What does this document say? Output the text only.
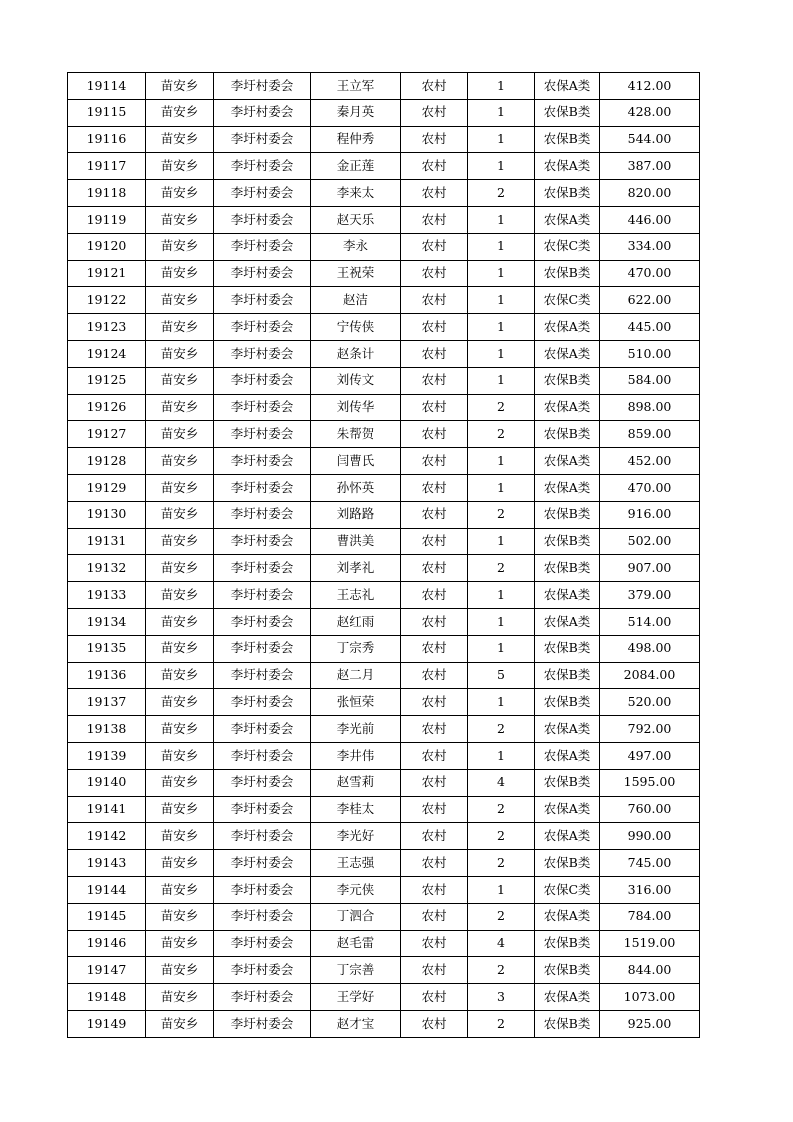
19114	苗安乡	李圩村委会	王立军	农村	1	农保A类	412.00
19115	苗安乡	李圩村委会	秦月英	农村	1	农保B类	428.00
19116	苗安乡	李圩村委会	程仲秀	农村	1	农保B类	544.00
19117	苗安乡	李圩村委会	金正莲	农村	1	农保A类	387.00
19118	苗安乡	李圩村委会	李来太	农村	2	农保B类	820.00
19119	苗安乡	李圩村委会	赵天乐	农村	1	农保A类	446.00
19120	苗安乡	李圩村委会	李永	农村	1	农保C类	334.00
19121	苗安乡	李圩村委会	王祝荣	农村	1	农保B类	470.00
19122	苗安乡	李圩村委会	赵洁	农村	1	农保C类	622.00
19123	苗安乡	李圩村委会	宁传侠	农村	1	农保A类	445.00
19124	苗安乡	李圩村委会	赵条计	农村	1	农保A类	510.00
19125	苗安乡	李圩村委会	刘传文	农村	1	农保B类	584.00
19126	苗安乡	李圩村委会	刘传华	农村	2	农保A类	898.00
19127	苗安乡	李圩村委会	朱帮贺	农村	2	农保B类	859.00
19128	苗安乡	李圩村委会	闫曹氏	农村	1	农保A类	452.00
19129	苗安乡	李圩村委会	孙怀英	农村	1	农保A类	470.00
19130	苗安乡	李圩村委会	刘路路	农村	2	农保B类	916.00
19131	苗安乡	李圩村委会	曹洪美	农村	1	农保B类	502.00
19132	苗安乡	李圩村委会	刘孝礼	农村	2	农保B类	907.00
19133	苗安乡	李圩村委会	王志礼	农村	1	农保A类	379.00
19134	苗安乡	李圩村委会	赵红雨	农村	1	农保A类	514.00
19135	苗安乡	李圩村委会	丁宗秀	农村	1	农保B类	498.00
19136	苗安乡	李圩村委会	赵二月	农村	5	农保B类	2084.00
19137	苗安乡	李圩村委会	张恒荣	农村	1	农保B类	520.00
19138	苗安乡	李圩村委会	李光前	农村	2	农保A类	792.00
19139	苗安乡	李圩村委会	李井伟	农村	1	农保A类	497.00
19140	苗安乡	李圩村委会	赵雪莉	农村	4	农保B类	1595.00
19141	苗安乡	李圩村委会	李桂太	农村	2	农保A类	760.00
19142	苗安乡	李圩村委会	李光好	农村	2	农保A类	990.00
19143	苗安乡	李圩村委会	王志强	农村	2	农保B类	745.00
19144	苗安乡	李圩村委会	李元侠	农村	1	农保C类	316.00
19145	苗安乡	李圩村委会	丁泗合	农村	2	农保A类	784.00
19146	苗安乡	李圩村委会	赵毛雷	农村	4	农保B类	1519.00
19147	苗安乡	李圩村委会	丁宗善	农村	2	农保B类	844.00
19148	苗安乡	李圩村委会	王学好	农村	3	农保A类	1073.00
19149	苗安乡	李圩村委会	赵才宝	农村	2	农保B类	925.00
